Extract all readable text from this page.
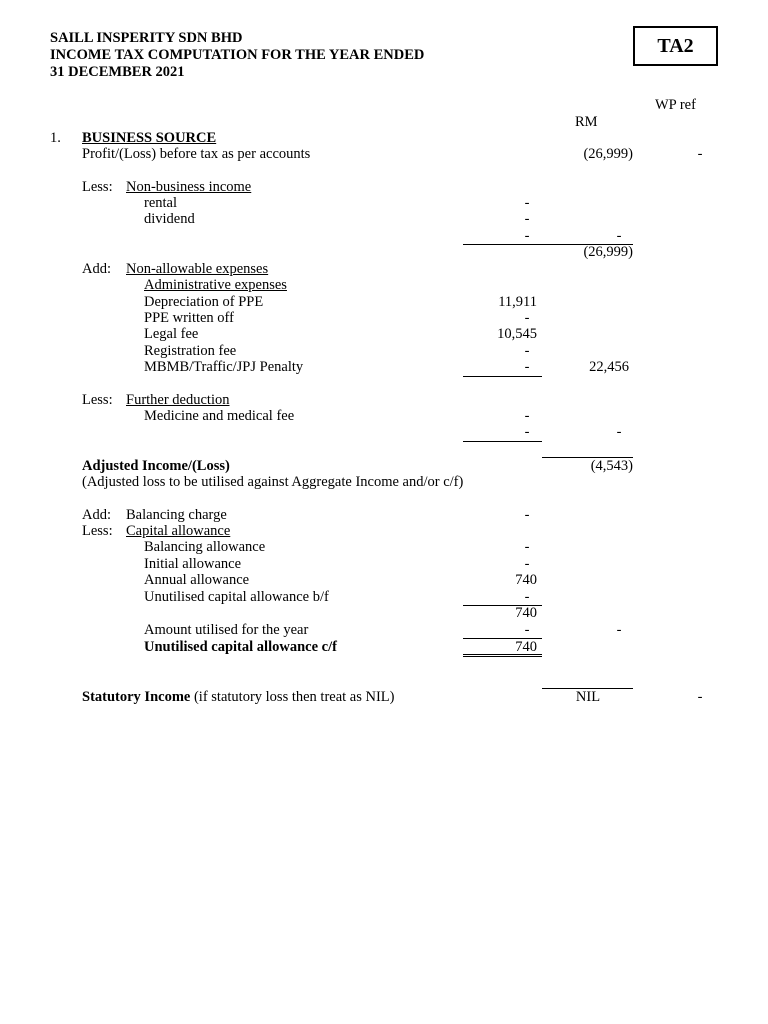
SAILL INSPERITY SDN BHD
INCOME TAX COMPUTATION FOR THE YEAR ENDED
31 DECEMBER 2021
TA2
WP ref
RM
1. BUSINESS SOURCE
Profit/(Loss) before tax as per accounts	(26,999)	-
Less: Non-business income
rental	-
dividend	-
-	-
(26,999)
Add: Non-allowable expenses
Administrative expenses
Depreciation of PPE	11,911
PPE written off	-
Legal fee	10,545
Registration fee	-
MBMB/Traffic/JPJ Penalty	-	22,456
Less: Further deduction
Medicine and medical fee	-
-	-
Adjusted Income/(Loss)	(4,543)
(Adjusted loss to be utilised against Aggregate Income and/or c/f)
Add: Balancing charge	-
Less: Capital allowance
Balancing allowance	-
Initial allowance	-
Annual allowance	740
Unutilised capital allowance b/f	-
740
Amount utilised for the year	-	-
Unutilised capital allowance c/f	740
Statutory Income (if statutory loss then treat as NIL)	NIL	-
